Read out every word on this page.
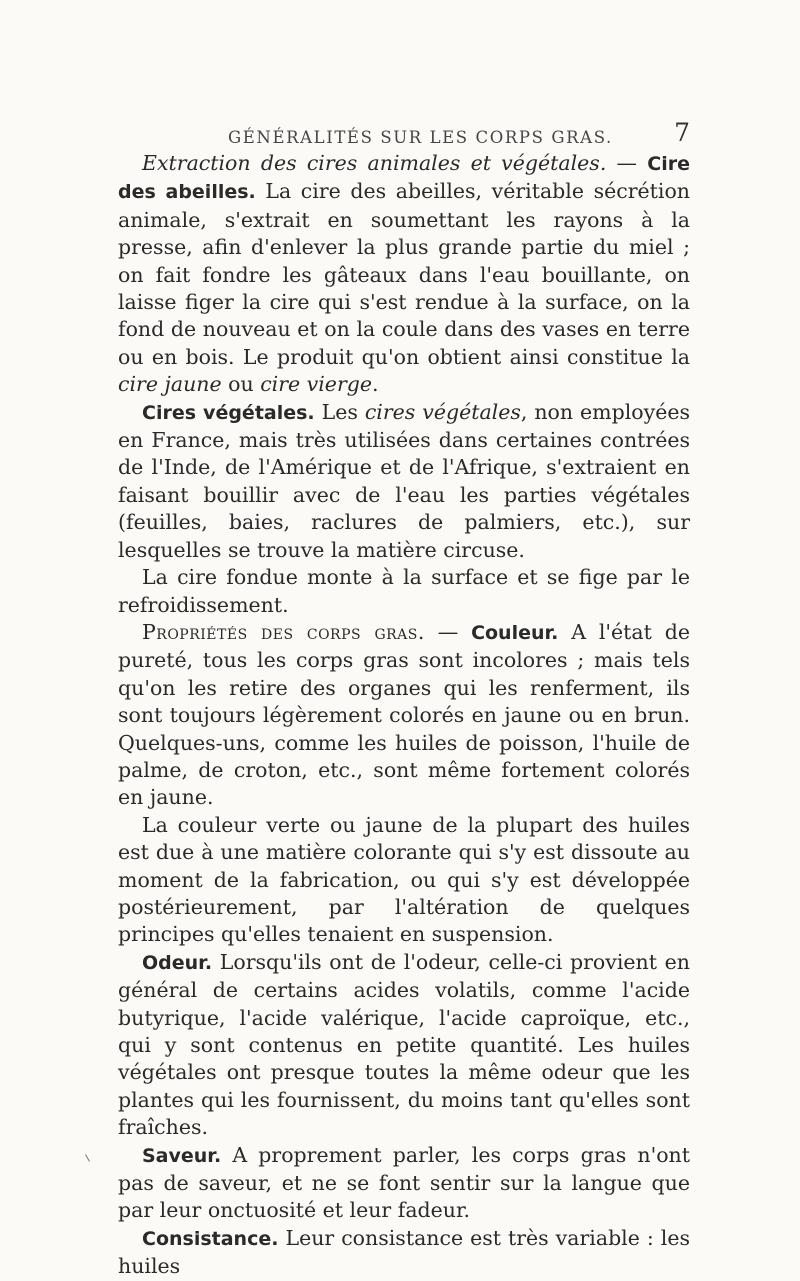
GÉNÉRALITÉS SUR LES CORPS GRAS. 7

Extraction des cires animales et végétales. — Cire des abeilles. La cire des abeilles, véritable sécrétion animale, s'extrait en soumettant les rayons à la presse, afin d'enlever la plus grande partie du miel ; on fait fondre les gâteaux dans l'eau bouillante, on laisse figer la cire qui s'est rendue à la surface, on la fond de nouveau et on la coule dans des vases en terre ou en bois. Le produit qu'on obtient ainsi constitue la cire jaune ou cire vierge.

Cires végétales. Les cires végétales, non employées en France, mais très utilisées dans certaines contrées de l'Inde, de l'Amérique et de l'Afrique, s'extraient en faisant bouillir avec de l'eau les parties végétales (feuilles, baies, raclures de palmiers, etc.), sur lesquelles se trouve la matière circuse.

La cire fondue monte à la surface et se fige par le refroidissement.

Propriétés des corps gras. — Couleur. A l'état de pureté, tous les corps gras sont incolores ; mais tels qu'on les retire des organes qui les renferment, ils sont toujours légèrement colorés en jaune ou en brun. Quelques-uns, comme les huiles de poisson, l'huile de palme, de croton, etc., sont même fortement colorés en jaune.

La couleur verte ou jaune de la plupart des huiles est due à une matière colorante qui s'y est dissoute au moment de la fabrication, ou qui s'y est développée postérieurement, par l'altération de quelques principes qu'elles tenaient en suspension.

Odeur. Lorsqu'ils ont de l'odeur, celle-ci provient en général de certains acides volatils, comme l'acide butyrique, l'acide valérique, l'acide caproïque, etc., qui y sont contenus en petite quantité. Les huiles végétales ont presque toutes la même odeur que les plantes qui les fournissent, du moins tant qu'elles sont fraîches.

Saveur. A proprement parler, les corps gras n'ont pas de saveur, et ne se font sentir sur la langue que par leur onctuosité et leur fadeur.

Consistance. Leur consistance est très variable : les huiles
